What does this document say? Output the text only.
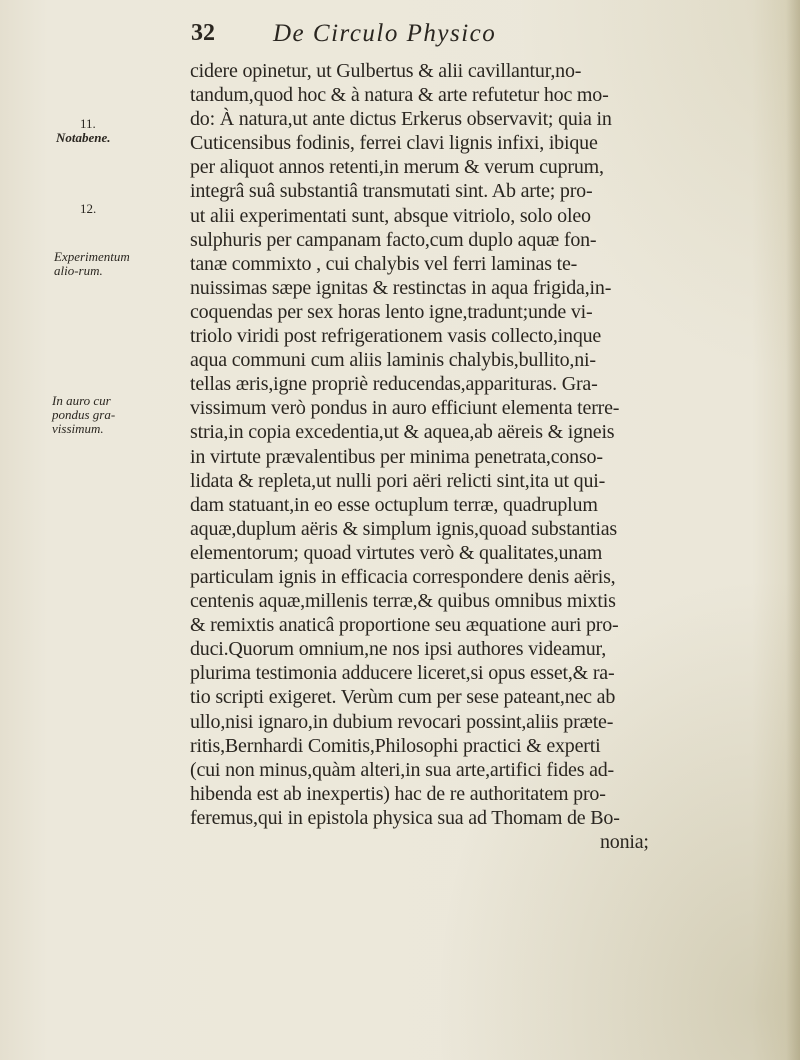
32 De Circulo Physico
11.
Notabene.
12.
Experimentum alio-rum.
In auro cur pondus gra-vissimum.
cidere opinetur, ut Gulbertus & alii cavillantur,no-
tandum,quod hoc & à natura & arte refutetur hoc mo-
do: À natura,ut ante dictus Erkerus observavit; quia in
Cuticensibus fodinis, ferrei clavi lignis infixi, ibique
per aliquot annos retenti,in merum & verum cuprum,
integrâ suâ substantiâ transmutati sint. Ab arte; pro-
ut alii experimentati sunt, absque vitriolo, solo oleo
sulphuris per campanam facto,cum duplo aquæ fon-
tanæ commixto , cui chalybis vel ferri laminas te-
nuissimas sæpe ignitas & restinctas in aqua frigida,in-
coquendas per sex horas lento igne,tradunt;unde vi-
triolo viridi post refrigerationem vasis collecto,inque
aqua communi cum aliis laminis chalybis,bullito,ni-
tellas æris,igne propriè reducendas,apparituras. Gra-
vissimum verò pondus in auro efficiunt elementa terre-
stria,in copia excedentia,ut & aquea,ab aëreis & igneis
in virtute prævalentibus per minima penetrata,conso-
lidata & repleta,ut nulli pori aëri relicti sint,ita ut qui-
dam statuant,in eo esse octuplum terræ, quadruplum
aquæ,duplum aëris & simplum ignis,quoad substantias
elementorum; quoad virtutes verò & qualitates,unam
particulam ignis in efficacia correspondere denis aëris,
centenis aquæ,millenis terræ,& quibus omnibus mixtis
& remixtis anaticâ proportione seu æquatione auri pro-
duci.Quorum omnium,ne nos ipsi authores videamur,
plurima testimonia adducere liceret,si opus esset,& ra-
tio scripti exigeret. Verùm cum per sese pateant,nec ab
ullo,nisi ignaro,in dubium revocari possint,aliis præte-
ritis,Bernhardi Comitis,Philosophi practici & experti
(cui non minus,quàm alteri,in sua arte,artifici fides ad-
hibenda est ab inexpertis) hac de re authoritatem pro-
feremus,qui in epistola physica sua ad Thomam de Bo-
nonia;
